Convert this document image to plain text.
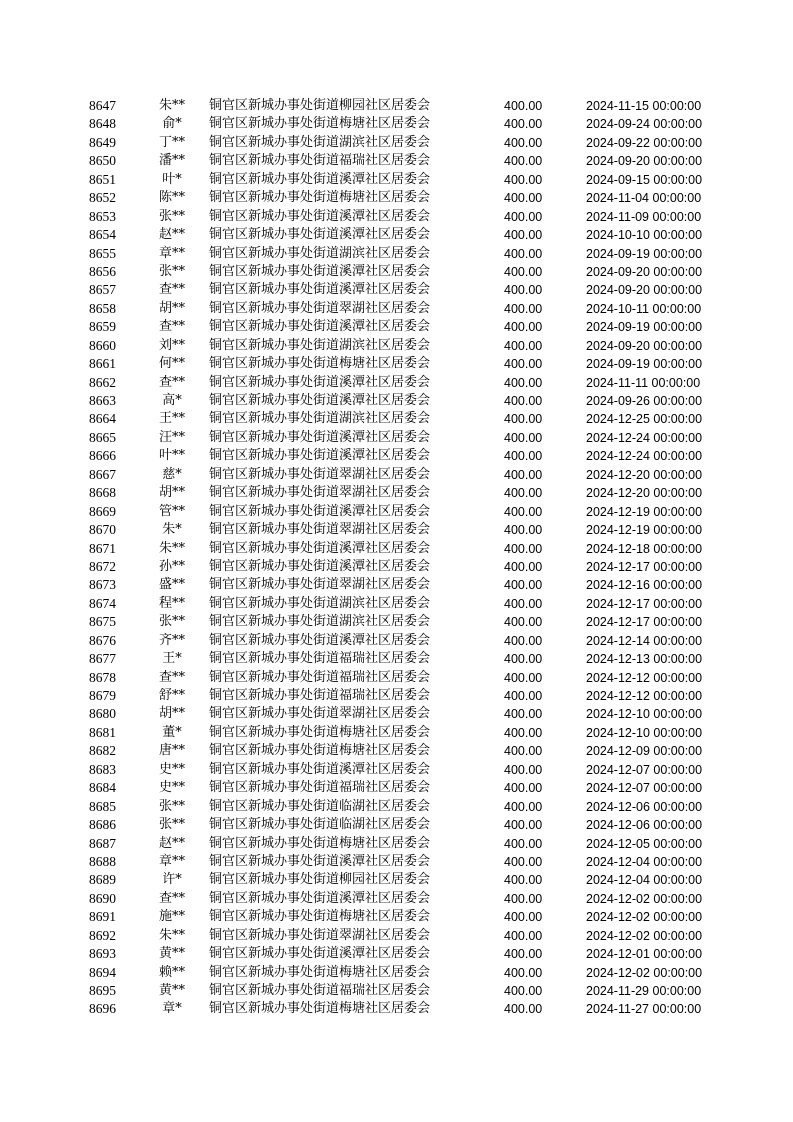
8647	朱** 铜官区新城办事处街道柳园社区居委会	400.00	2024-11-15 00:00:00
8648	俞*	铜官区新城办事处街道梅塘社区居委会	400.00	2024-09-24 00:00:00
8649	丁** 铜官区新城办事处街道湖滨社区居委会	400.00	2024-09-22 00:00:00
8650	潘** 铜官区新城办事处街道福瑞社区居委会	400.00	2024-09-20 00:00:00
8651	叶*	铜官区新城办事处街道溪潭社区居委会	400.00	2024-09-15 00:00:00
8652	陈** 铜官区新城办事处街道梅塘社区居委会	400.00	2024-11-04 00:00:00
8653	张** 铜官区新城办事处街道溪潭社区居委会	400.00	2024-11-09 00:00:00
8654	赵** 铜官区新城办事处街道溪潭社区居委会	400.00	2024-10-10 00:00:00
8655	章** 铜官区新城办事处街道湖滨社区居委会	400.00	2024-09-19 00:00:00
8656	张** 铜官区新城办事处街道溪潭社区居委会	400.00	2024-09-20 00:00:00
8657	查** 铜官区新城办事处街道溪潭社区居委会	400.00	2024-09-20 00:00:00
8658	胡** 铜官区新城办事处街道翠湖社区居委会	400.00	2024-10-11 00:00:00
8659	查** 铜官区新城办事处街道溪潭社区居委会	400.00	2024-09-19 00:00:00
8660	刘** 铜官区新城办事处街道湖滨社区居委会	400.00	2024-09-20 00:00:00
8661	何** 铜官区新城办事处街道梅塘社区居委会	400.00	2024-09-19 00:00:00
8662	查** 铜官区新城办事处街道溪潭社区居委会	400.00	2024-11-11 00:00:00
8663	高*	铜官区新城办事处街道溪潭社区居委会	400.00	2024-09-26 00:00:00
8664	王** 铜官区新城办事处街道湖滨社区居委会	400.00	2024-12-25 00:00:00
8665	汪** 铜官区新城办事处街道溪潭社区居委会	400.00	2024-12-24 00:00:00
8666	叶** 铜官区新城办事处街道溪潭社区居委会	400.00	2024-12-24 00:00:00
8667	慈*	铜官区新城办事处街道翠湖社区居委会	400.00	2024-12-20 00:00:00
8668	胡** 铜官区新城办事处街道翠湖社区居委会	400.00	2024-12-20 00:00:00
8669	管** 铜官区新城办事处街道溪潭社区居委会	400.00	2024-12-19 00:00:00
8670	朱*	铜官区新城办事处街道翠湖社区居委会	400.00	2024-12-19 00:00:00
8671	朱** 铜官区新城办事处街道溪潭社区居委会	400.00	2024-12-18 00:00:00
8672	孙** 铜官区新城办事处街道溪潭社区居委会	400.00	2024-12-17 00:00:00
8673	盛** 铜官区新城办事处街道翠湖社区居委会	400.00	2024-12-16 00:00:00
8674	程** 铜官区新城办事处街道湖滨社区居委会	400.00	2024-12-17 00:00:00
8675	张** 铜官区新城办事处街道湖滨社区居委会	400.00	2024-12-17 00:00:00
8676	齐** 铜官区新城办事处街道溪潭社区居委会	400.00	2024-12-14 00:00:00
8677	王*	铜官区新城办事处街道福瑞社区居委会	400.00	2024-12-13 00:00:00
8678	查** 铜官区新城办事处街道福瑞社区居委会	400.00	2024-12-12 00:00:00
8679	舒** 铜官区新城办事处街道福瑞社区居委会	400.00	2024-12-12 00:00:00
8680	胡** 铜官区新城办事处街道翠湖社区居委会	400.00	2024-12-10 00:00:00
8681	董*	铜官区新城办事处街道梅塘社区居委会	400.00	2024-12-10 00:00:00
8682	唐** 铜官区新城办事处街道梅塘社区居委会	400.00	2024-12-09 00:00:00
8683	史** 铜官区新城办事处街道溪潭社区居委会	400.00	2024-12-07 00:00:00
8684	史** 铜官区新城办事处街道福瑞社区居委会	400.00	2024-12-07 00:00:00
8685	张** 铜官区新城办事处街道临湖社区居委会	400.00	2024-12-06 00:00:00
8686	张** 铜官区新城办事处街道临湖社区居委会	400.00	2024-12-06 00:00:00
8687	赵** 铜官区新城办事处街道梅塘社区居委会	400.00	2024-12-05 00:00:00
8688	章** 铜官区新城办事处街道溪潭社区居委会	400.00	2024-12-04 00:00:00
8689	许*	铜官区新城办事处街道柳园社区居委会	400.00	2024-12-04 00:00:00
8690	查** 铜官区新城办事处街道溪潭社区居委会	400.00	2024-12-02 00:00:00
8691	施** 铜官区新城办事处街道梅塘社区居委会	400.00	2024-12-02 00:00:00
8692	朱** 铜官区新城办事处街道翠湖社区居委会	400.00	2024-12-02 00:00:00
8693	黄** 铜官区新城办事处街道溪潭社区居委会	400.00	2024-12-01 00:00:00
8694	赖** 铜官区新城办事处街道梅塘社区居委会	400.00	2024-12-02 00:00:00
8695	黄** 铜官区新城办事处街道福瑞社区居委会	400.00	2024-11-29 00:00:00
8696	章*	铜官区新城办事处街道梅塘社区居委会	400.00	2024-11-27 00:00:00
